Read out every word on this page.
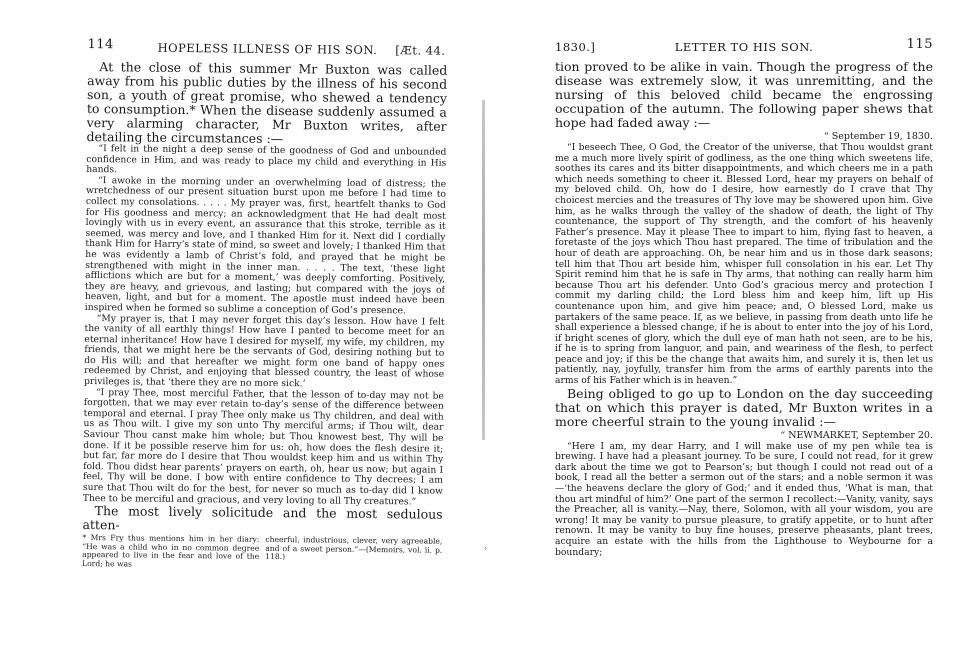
›
114	HOPELESS ILLNESS OF HIS SON.	[Æt. 44.

At the close of this summer Mr Buxton was called away from his public duties by the illness of his second son, a youth of great promise, who shewed a tendency to consumption.* When the disease suddenly assumed a very alarming character, Mr Buxton writes, after detailing the circumstances :—

“I felt in the night a deep sense of the goodness of God and unbounded confidence in Him, and was ready to place my child and everything in His hands.

“I awoke in the morning under an overwhelming load of distress; the wretchedness of our present situation burst upon me before I had time to collect my consolations. . . . . My prayer was, first, heartfelt thanks to God for His goodness and mercy; an acknowledgment that He had dealt most lovingly with us in every event, an assurance that this stroke, terrible as it seemed, was mercy and love, and I thanked Him for it. Next did I cordially thank Him for Harry’s state of mind, so sweet and lovely; I thanked Him that he was evidently a lamb of Christ’s fold, and prayed that he might be strengthened with might in the inner man. . . . . The text, ‘these light afflictions which are but for a moment,’ was deeply comforting. Positively, they are heavy, and grievous, and lasting; but compared with the joys of heaven, light, and but for a moment. The apostle must indeed have been inspired when he formed so sublime a conception of God’s presence.

“My prayer is, that I may never forget this day’s lesson. How have I felt the vanity of all earthly things! How have I panted to become meet for an eternal inheritance! How have I desired for myself, my wife, my children, my friends, that we might here be the servants of God, desiring nothing but to do His will; and that hereafter we might form one band of happy ones redeemed by Christ, and enjoying that blessed country, the least of whose privileges is, that ‘there they are no more sick.’

“I pray Thee, most merciful Father, that the lesson of to-day may not be forgotten, that we may ever retain to-day’s sense of the difference between temporal and eternal. I pray Thee only make us Thy children, and deal with us as Thou wilt. I give my son unto Thy merciful arms; if Thou wilt, dear Saviour Thou canst make him whole; but Thou knowest best, Thy will be done. If it be possible reserve him for us: oh, how does the flesh desire it; but far, far more do I desire that Thou wouldst keep him and us within Thy fold. Thou didst hear parents’ prayers on earth, oh, hear us now; but again I feel, Thy will be done. I bow with entire confidence to Thy decrees; I am sure that Thou wilt do for the best, for never so much as to-day did I know Thee to be merciful and gracious, and very loving to all Thy creatures.”

The most lively solicitude and the most sedulous atten-

* Mrs Fry thus mentions him in her diary: “He was a child who in no common degree appeared to live in the fear and love of the Lord; he was
cheerful, industrious, clever, very agreeable, and of a sweet person.”—(Memoirs, vol. ii. p. 118.)
1830.]	LETTER TO HIS SON.	115

tion proved to be alike in vain. Though the progress of the disease was extremely slow, it was unremitting, and the nursing of this beloved child became the engrossing occupation of the autumn. The following paper shews that hope had faded away :—

“ September 19, 1830.

“I beseech Thee, O God, the Creator of the universe, that Thou wouldst grant me a much more lively spirit of godliness, as the one thing which sweetens life, soothes its cares and its bitter disappointments, and which cheers me in a path which needs something to cheer it. Blessed Lord, hear my prayers on behalf of my beloved child. Oh, how do I desire, how earnestly do I crave that Thy choicest mercies and the treasures of Thy love may be showered upon him. Give him, as he walks through the valley of the shadow of death, the light of Thy countenance, the support of Thy strength, and the comfort of his heavenly Father’s presence. May it please Thee to impart to him, flying fast to heaven, a foretaste of the joys which Thou hast prepared. The time of tribulation and the hour of death are approaching. Oh, be near him and us in those dark seasons; tell him that Thou art beside him, whisper full consolation in his ear. Let Thy Spirit remind him that he is safe in Thy arms, that nothing can really harm him because Thou art his defender. Unto God’s gracious mercy and protection I commit my darling child; the Lord bless him and keep him, lift up His countenance upon him, and give him peace; and, O blessed Lord, make us partakers of the same peace. If, as we believe, in passing from death unto life he shall experience a blessed change, if he is about to enter into the joy of his Lord, if bright scenes of glory, which the dull eye of man hath not seen, are to be his, if he is to spring from languor, and pain, and weariness of the flesh, to perfect peace and joy; if this be the change that awaits him, and surely it is, then let us patiently, nay, joyfully, transfer him from the arms of earthly parents into the arms of his Father which is in heaven.”

Being obliged to go up to London on the day succeeding that on which this prayer is dated, Mr Buxton writes in a more cheerful strain to the young invalid :—

“ NEWMARKET, September 20.

“Here I am, my dear Harry, and I will make use of my pen while tea is brewing. I have had a pleasant journey. To be sure, I could not read, for it grew dark about the time we got to Pearson’s; but though I could not read out of a book, I read all the better a sermon out of the stars; and a noble sermon it was—‘the heavens declare the glory of God;’ and it ended thus, ‘What is man, that thou art mindful of him?’ One part of the sermon I recollect:—Vanity, vanity, says the Preacher, all is vanity.—Nay, there, Solomon, with all your wisdom, you are wrong! It may be vanity to pursue pleasure, to gratify appetite, or to hunt after renown. It may be vanity to buy fine houses, preserve pheasants, plant trees, acquire an estate with the hills from the Lighthouse to Weybourne for a boundary;
